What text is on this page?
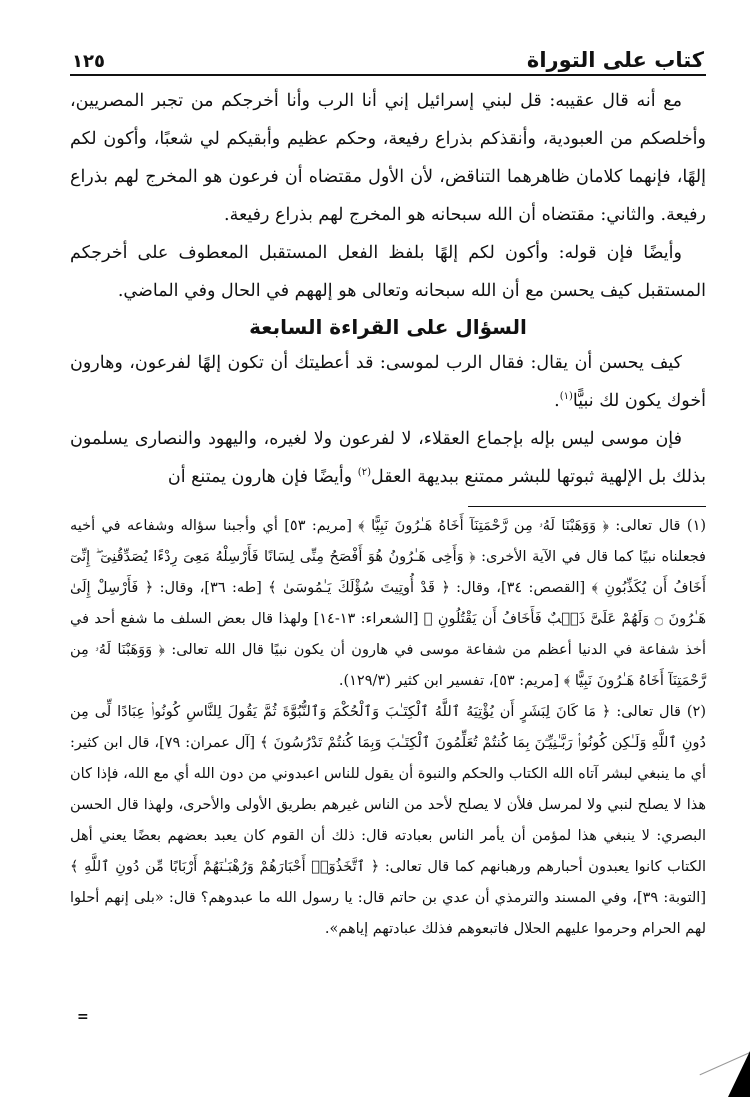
كتاب على التوراة
١٢٥

مع أنه قال عقيبه: قل لبني إسرائيل إني أنا الرب وأنا أخرجكم من تجبر المصريين، وأخلصكم من العبودية، وأنقذكم بذراع رفيعة، وحكم عظيم وأبقيكم لي شعبًا، وأكون لكم إلهًا، فإنهما كلامان ظاهرهما التناقض، لأن الأول مقتضاه أن فرعون هو المخرج لهم بذراع رفيعة. والثاني: مقتضاه أن الله سبحانه هو المخرج لهم بذراع رفيعة.

وأيضًا فإن قوله: وأكون لكم إلهًا بلفظ الفعل المستقبل المعطوف على أخرجكم المستقبل كيف يحسن مع أن الله سبحانه وتعالى هو إلههم في الحال وفي الماضي.

السؤال على القراءة السابعة

كيف يحسن أن يقال: فقال الرب لموسى: قد أعطيتك أن تكون إلهًا لفرعون، وهارون أخوك يكون لك نبيًّا$^{(١)}$.

فإن موسى ليس بإله بإجماع العقلاء، لا لفرعون ولا لغيره، واليهود والنصارى يسلمون بذلك بل الإلهية ثبوتها للبشر ممتنع ببديهة العقل$^{(٢)}$ وأيضًا فإن هارون يمتنع أن

(١) قال تعالى: ﴿ وَوَهَبْنَا لَهُۥ مِن رَّحْمَتِنَآ أَخَاهُ هَـٰرُونَ نَبِيًّا ﴾ [مريم: ٥٣] أي وأجبنا سؤاله وشفاعه في أخيه فجعلناه نبيًا كما قال في الآية الأخرى: ﴿ وَأَخِى هَـٰرُونُ هُوَ أَفْصَحُ مِنِّى لِسَانًا فَأَرْسِلْهُ مَعِىَ رِدْءًا يُصَدِّقُنِىٓ ۖ إِنِّىٓ أَخَافُ أَن يُكَذِّبُونِ ﴾ [القصص: ٣٤]، وقال: ﴿ قَدْ أُوتِيتَ سُؤْلَكَ يَـٰمُوسَىٰ ﴾ [طه: ٣٦]، وقال: ﴿ فَأَرْسِلْ إِلَىٰ هَـٰرُونَ ۝ وَلَهُمْ عَلَىَّ ذَنۢبٌ فَأَخَافُ أَن يَقْتُلُونِ ﴾ [الشعراء: ١٣-١٤] ولهذا قال بعض السلف ما شفع أحد في أخذ شفاعة في الدنيا أعظم من شفاعة موسى في هارون أن يكون نبيًا قال الله تعالى: ﴿ وَوَهَبْنَا لَهُۥ مِن رَّحْمَتِنَآ أَخَاهُ هَـٰرُونَ نَبِيًّا ﴾ [مريم: ٥٣]، تفسير ابن كثير (١٢٩/٣).

(٢) قال تعالى: ﴿ مَا كَانَ لِبَشَرٍ أَن يُؤْتِيَهُ ٱللَّهُ ٱلْكِتَـٰبَ وَٱلْحُكْمَ وَٱلنُّبُوَّةَ ثُمَّ يَقُولَ لِلنَّاسِ كُونُوا۟ عِبَادًا لِّى مِن دُونِ ٱللَّهِ وَلَـٰكِن كُونُوا۟ رَبَّـٰنِيِّـۧنَ بِمَا كُنتُمْ تُعَلِّمُونَ ٱلْكِتَـٰبَ وَبِمَا كُنتُمْ تَدْرُسُونَ ﴾ [آل عمران: ٧٩]، قال ابن كثير: أي ما ينبغي لبشر آتاه الله الكتاب والحكم والنبوة أن يقول للناس اعبدوني من دون الله أي مع الله، فإذا كان هذا لا يصلح لنبي ولا لمرسل فلأن لا يصلح لأحد من الناس غيرهم بطريق الأولى والأحرى، ولهذا قال الحسن البصري: لا ينبغي هذا لمؤمن أن يأمر الناس بعبادته قال: ذلك أن القوم كان يعبد بعضهم بعضًا يعني أهل الكتاب كانوا يعبدون أحبارهم ورهبانهم كما قال تعالى: ﴿ ٱتَّخَذُوٓا۟ أَحْبَارَهُمْ وَرُهْبَـٰنَهُمْ أَرْبَابًا مِّن دُونِ ٱللَّهِ ﴾ [التوبة: ٣٩]، وفي المسند والترمذي أن عدي بن حاتم قال: يا رسول الله ما عبدوهم؟ قال: «بلى إنهم أحلوا لهم الحرام وحرموا عليهم الحلال فاتبعوهم فذلك عبادتهم إياهم».

=
